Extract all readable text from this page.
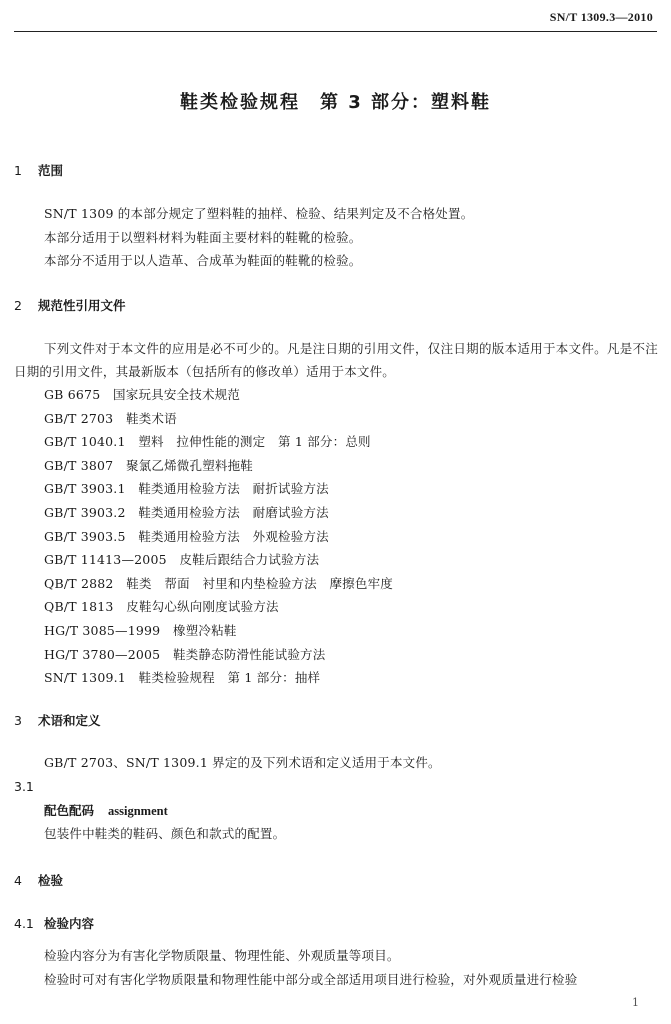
SN/T 1309.3—2010
鞋类检验规程　第 3 部分：塑料鞋
1 范围
SN/T 1309 的本部分规定了塑料鞋的抽样、检验、结果判定及不合格处置。
本部分适用于以塑料材料为鞋面主要材料的鞋靴的检验。
本部分不适用于以人造革、合成革为鞋面的鞋靴的检验。
2 规范性引用文件
下列文件对于本文件的应用是必不可少的。凡是注日期的引用文件，仅注日期的版本适用于本文件。凡是不注日期的引用文件，其最新版本（包括所有的修改单）适用于本文件。
GB 6675　国家玩具安全技术规范
GB/T 2703　鞋类术语
GB/T 1040.1　塑料　拉伸性能的测定　第 1 部分：总则
GB/T 3807　聚氯乙烯微孔塑料拖鞋
GB/T 3903.1　鞋类通用检验方法　耐折试验方法
GB/T 3903.2　鞋类通用检验方法　耐磨试验方法
GB/T 3903.5　鞋类通用检验方法　外观检验方法
GB/T 11413—2005　皮鞋后跟结合力试验方法
QB/T 2882　鞋类　帮面　衬里和内垫检验方法　摩擦色牢度
QB/T 1813　皮鞋勾心纵向刚度试验方法
HG/T 3085—1999　橡塑冷粘鞋
HG/T 3780—2005　鞋类静态防滑性能试验方法
SN/T 1309.1　鞋类检验规程　第 1 部分：抽样
3 术语和定义
GB/T 2703、SN/T 1309.1 界定的及下列术语和定义适用于本文件。
3.1
配色配码 assignment
包装件中鞋类的鞋码、颜色和款式的配置。
4 检验
4.1 检验内容
检验内容分为有害化学物质限量、物理性能、外观质量等项目。
检验时可对有害化学物质限量和物理性能中部分或全部适用项目进行检验，对外观质量进行检验
1
